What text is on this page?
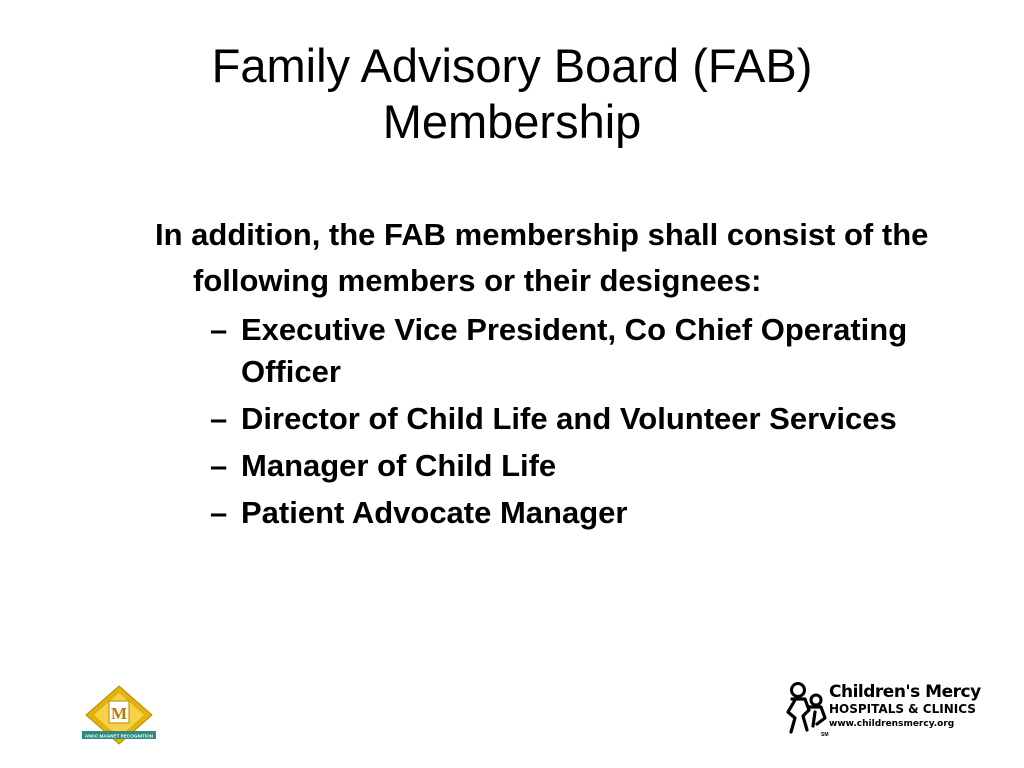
Family Advisory Board (FAB)
Membership

In addition, the FAB membership shall consist of the following members or their designees:

– Executive Vice President, Co Chief Operating Officer
– Director of Child Life and Volunteer Services
– Manager of Child Life
– Patient Advocate Manager
M
ANCC MAGNET RECOGNITION	SM
Children's Mercy
HOSPITALS & CLINICS
www.childrensmercy.org
